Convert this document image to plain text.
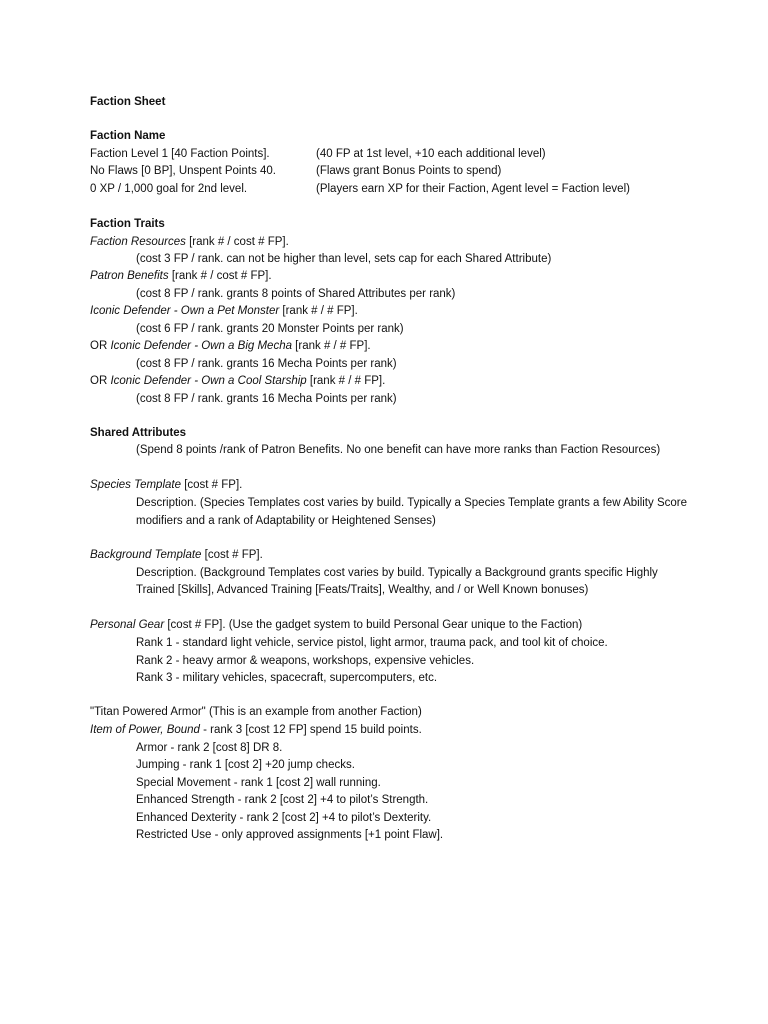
Faction Sheet
Faction Name
Faction Level 1 [40 Faction Points].	(40 FP at 1st level, +10 each additional level)
No Flaws [0 BP], Unspent Points 40.	(Flaws grant Bonus Points to spend)
0 XP / 1,000 goal for 2nd level.	(Players earn XP for their Faction, Agent level = Faction level)
Faction Traits
Faction Resources [rank # / cost # FP].
(cost 3 FP / rank. can not be higher than level, sets cap for each Shared Attribute)
Patron Benefits [rank # / cost # FP].
(cost 8 FP / rank. grants 8 points of Shared Attributes per rank)
Iconic Defender - Own a Pet Monster [rank # / # FP].
(cost 6 FP / rank. grants 20 Monster Points per rank)
OR Iconic Defender - Own a Big Mecha [rank # / # FP].
(cost 8 FP / rank. grants 16 Mecha Points per rank)
OR Iconic Defender - Own a Cool Starship [rank # / # FP].
(cost 8 FP / rank. grants 16 Mecha Points per rank)
Shared Attributes
(Spend 8 points /rank of Patron Benefits. No one benefit can have more ranks than Faction Resources)
Species Template [cost # FP].
Description. (Species Templates cost varies by build. Typically a Species Template grants a few Ability Score
modifiers and a rank of Adaptability or Heightened Senses)
Background Template [cost # FP].
Description. (Background Templates cost varies by build. Typically a Background grants specific Highly
Trained [Skills], Advanced Training [Feats/Traits], Wealthy, and / or Well Known bonuses)
Personal Gear [cost # FP]. (Use the gadget system to build Personal Gear unique to the Faction)
Rank 1 - standard light vehicle, service pistol, light armor, trauma pack, and tool kit of choice.
Rank 2 - heavy armor & weapons, workshops, expensive vehicles.
Rank 3 - military vehicles, spacecraft, supercomputers, etc.
"Titan Powered Armor" (This is an example from another Faction)
Item of Power, Bound - rank 3 [cost 12 FP] spend 15 build points.
Armor - rank 2 [cost 8] DR 8.
Jumping - rank 1 [cost 2] +20 jump checks.
Special Movement - rank 1 [cost 2] wall running.
Enhanced Strength - rank 2 [cost 2] +4 to pilot’s Strength.
Enhanced Dexterity - rank 2 [cost 2] +4 to pilot’s Dexterity.
Restricted Use - only approved assignments [+1 point Flaw].
